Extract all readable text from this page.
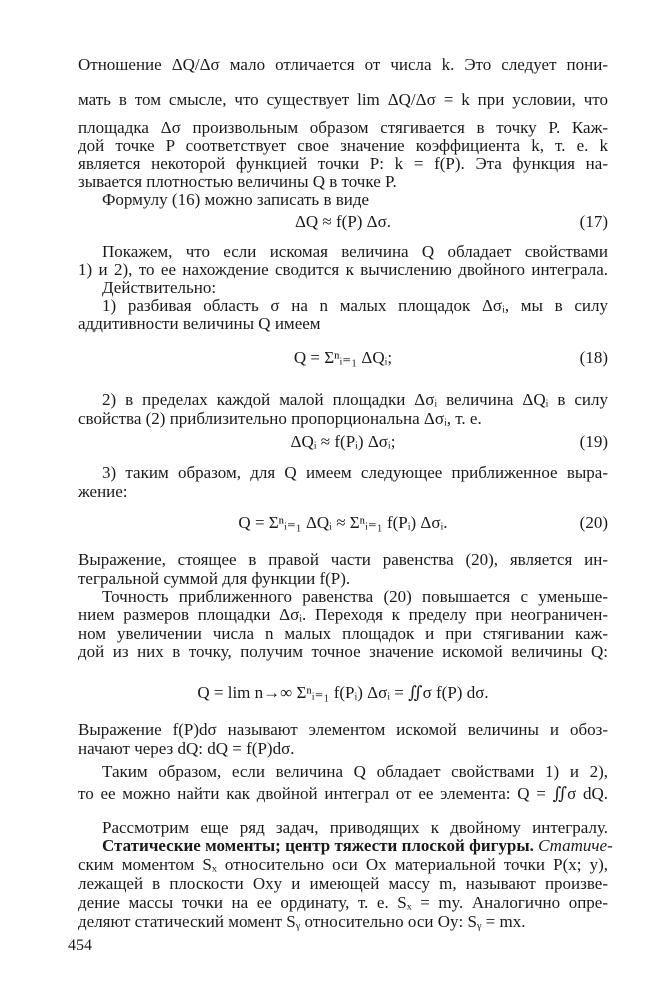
Отношение ΔQ/Δσ мало отличается от числа k. Это следует пони-
мать в том смысле, что существует lim ΔQ/Δσ = k при условии, что
площадка Δσ произвольным образом стягивается в точку P. Каж-
дой точке P соответствует свое значение коэффициента k, т. е. k
является некоторой функцией точки P: k = f(P). Эта функция на-
зывается плотностью величины Q в точке P.
Формулу (16) можно записать в виде
ΔQ ≈ f(P) Δσ.	(17)
Покажем, что если искомая величина Q обладает свойствами
1) и 2), то ее нахождение сводится к вычислению двойного интеграла.
Действительно:
1) разбивая область σ на n малых площадок Δσᵢ, мы в силу
аддитивности величины Q имеем
Q = Σⁿᵢ₌₁ ΔQᵢ;	(18)
2) в пределах каждой малой площадки Δσᵢ величина ΔQᵢ в силу
свойства (2) приблизительно пропорциональна Δσᵢ, т. е.
ΔQᵢ ≈ f(Pᵢ) Δσᵢ;	(19)
3) таким образом, для Q имеем следующее приближенное выра-
жение:
Q = Σⁿᵢ₌₁ ΔQᵢ ≈ Σⁿᵢ₌₁ f(Pᵢ) Δσᵢ.	(20)
Выражение, стоящее в правой части равенства (20), является ин-
тегральной суммой для функции f(P).
Точность приближенного равенства (20) повышается с уменьше-
нием размеров площадки Δσᵢ. Переходя к пределу при неограничен-
ном увеличении числа n малых площадок и при стягивании каж-
дой из них в точку, получим точное значение искомой величины Q:
Q = lim n→∞ Σⁿᵢ₌₁ f(Pᵢ) Δσᵢ = ∬σ f(P) dσ.
Выражение f(P)dσ называют элементом искомой величины и обоз-
начают через dQ: dQ = f(P)dσ.
Таким образом, если величина Q обладает свойствами 1) и 2),
то ее можно найти как двойной интеграл от ее элемента: Q = ∬σ dQ.
Рассмотрим еще ряд задач, приводящих к двойному интегралу.
Статические моменты; центр тяжести плоской фигуры. Статиче-
ским моментом Sₓ относительно оси Ox материальной точки P(x; y),
лежащей в плоскости Oxy и имеющей массу m, называют произве-
дение массы точки на ее ординату, т. е. Sₓ = my. Аналогично опре-
деляют статический момент Sᵧ относительно оси Oy: Sᵧ = mx.
454
